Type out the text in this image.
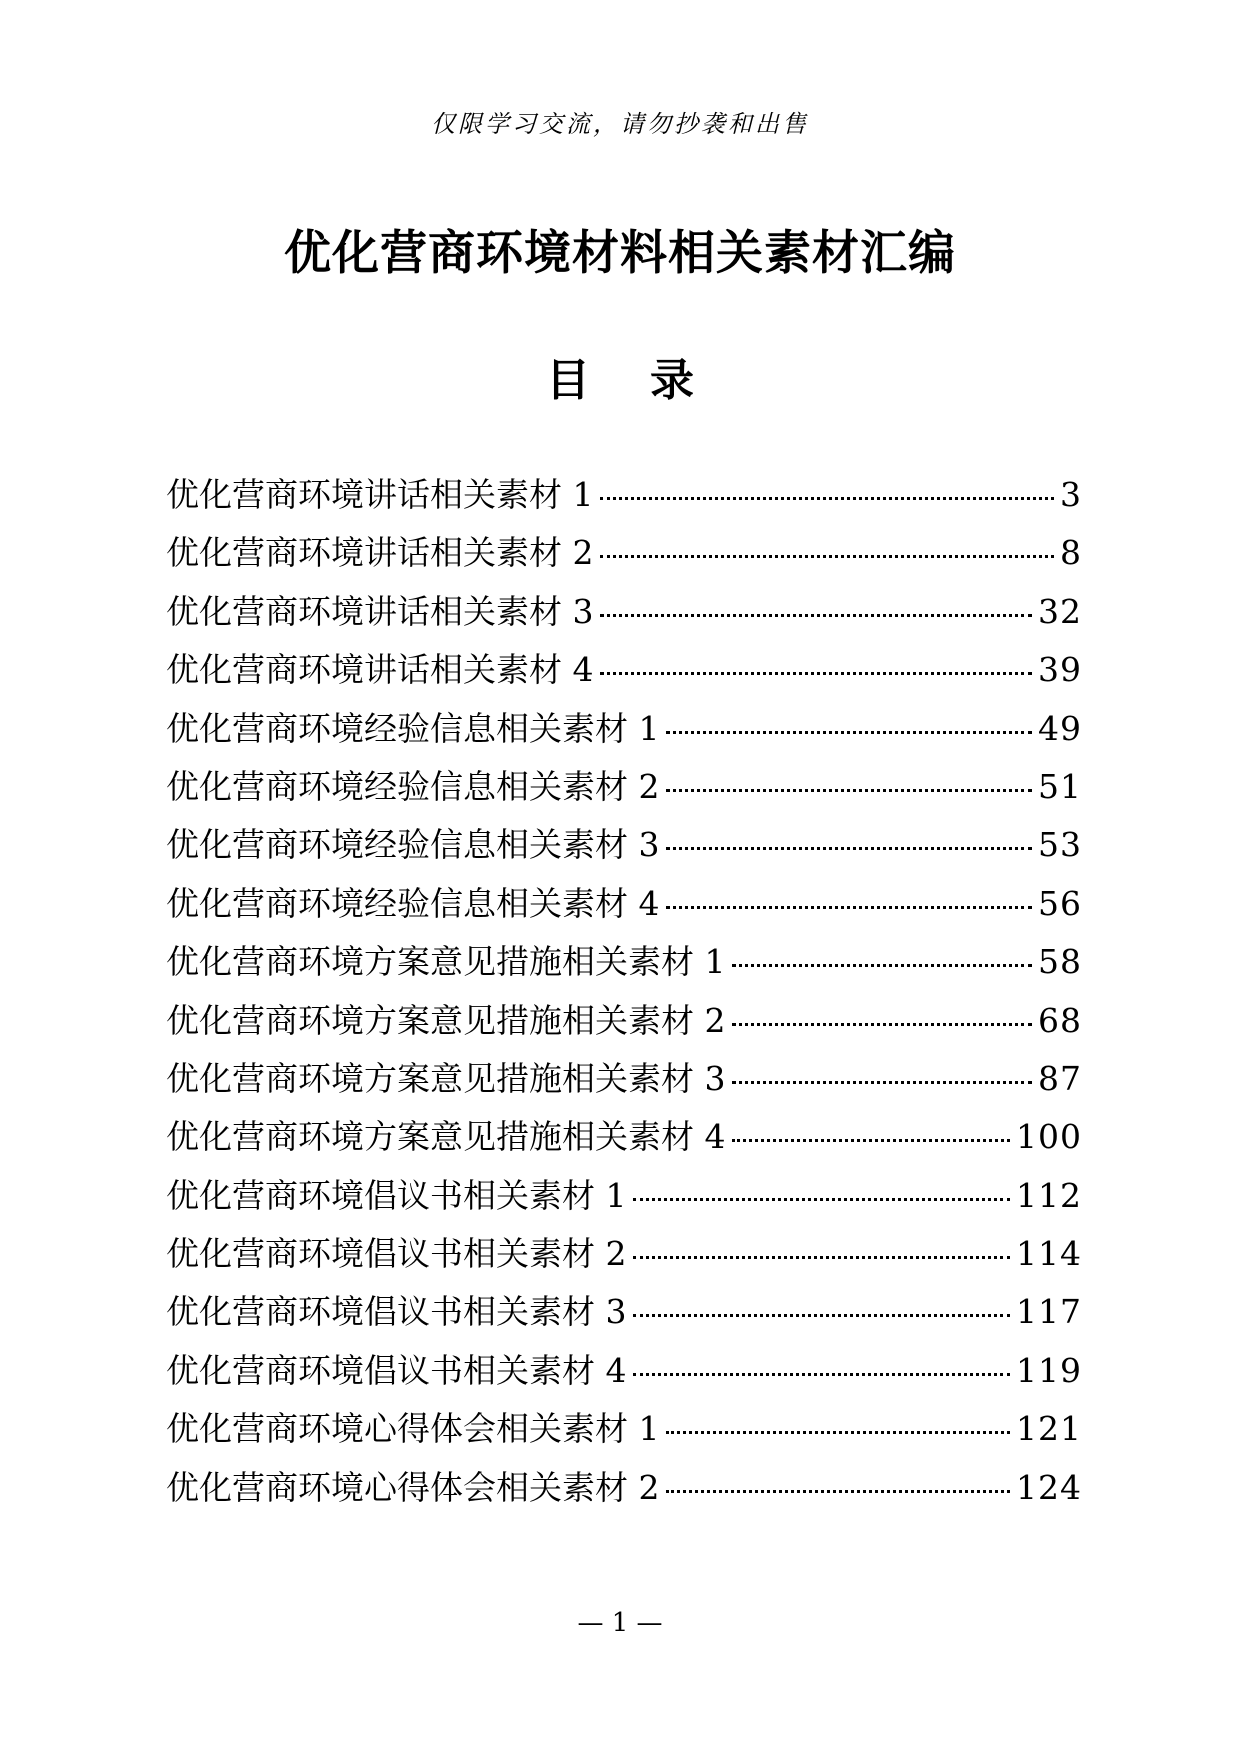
仅限学习交流，请勿抄袭和出售
优化营商环境材料相关素材汇编
目 录
优化营商环境讲话相关素材 1	3
优化营商环境讲话相关素材 2	8
优化营商环境讲话相关素材 3	32
优化营商环境讲话相关素材 4	39
优化营商环境经验信息相关素材 1	49
优化营商环境经验信息相关素材 2	51
优化营商环境经验信息相关素材 3	53
优化营商环境经验信息相关素材 4	56
优化营商环境方案意见措施相关素材 1	58
优化营商环境方案意见措施相关素材 2	68
优化营商环境方案意见措施相关素材 3	87
优化营商环境方案意见措施相关素材 4	100
优化营商环境倡议书相关素材 1	112
优化营商环境倡议书相关素材 2	114
优化营商环境倡议书相关素材 3	117
优化营商环境倡议书相关素材 4	119
优化营商环境心得体会相关素材 1	121
优化营商环境心得体会相关素材 2	124
— 1 —
